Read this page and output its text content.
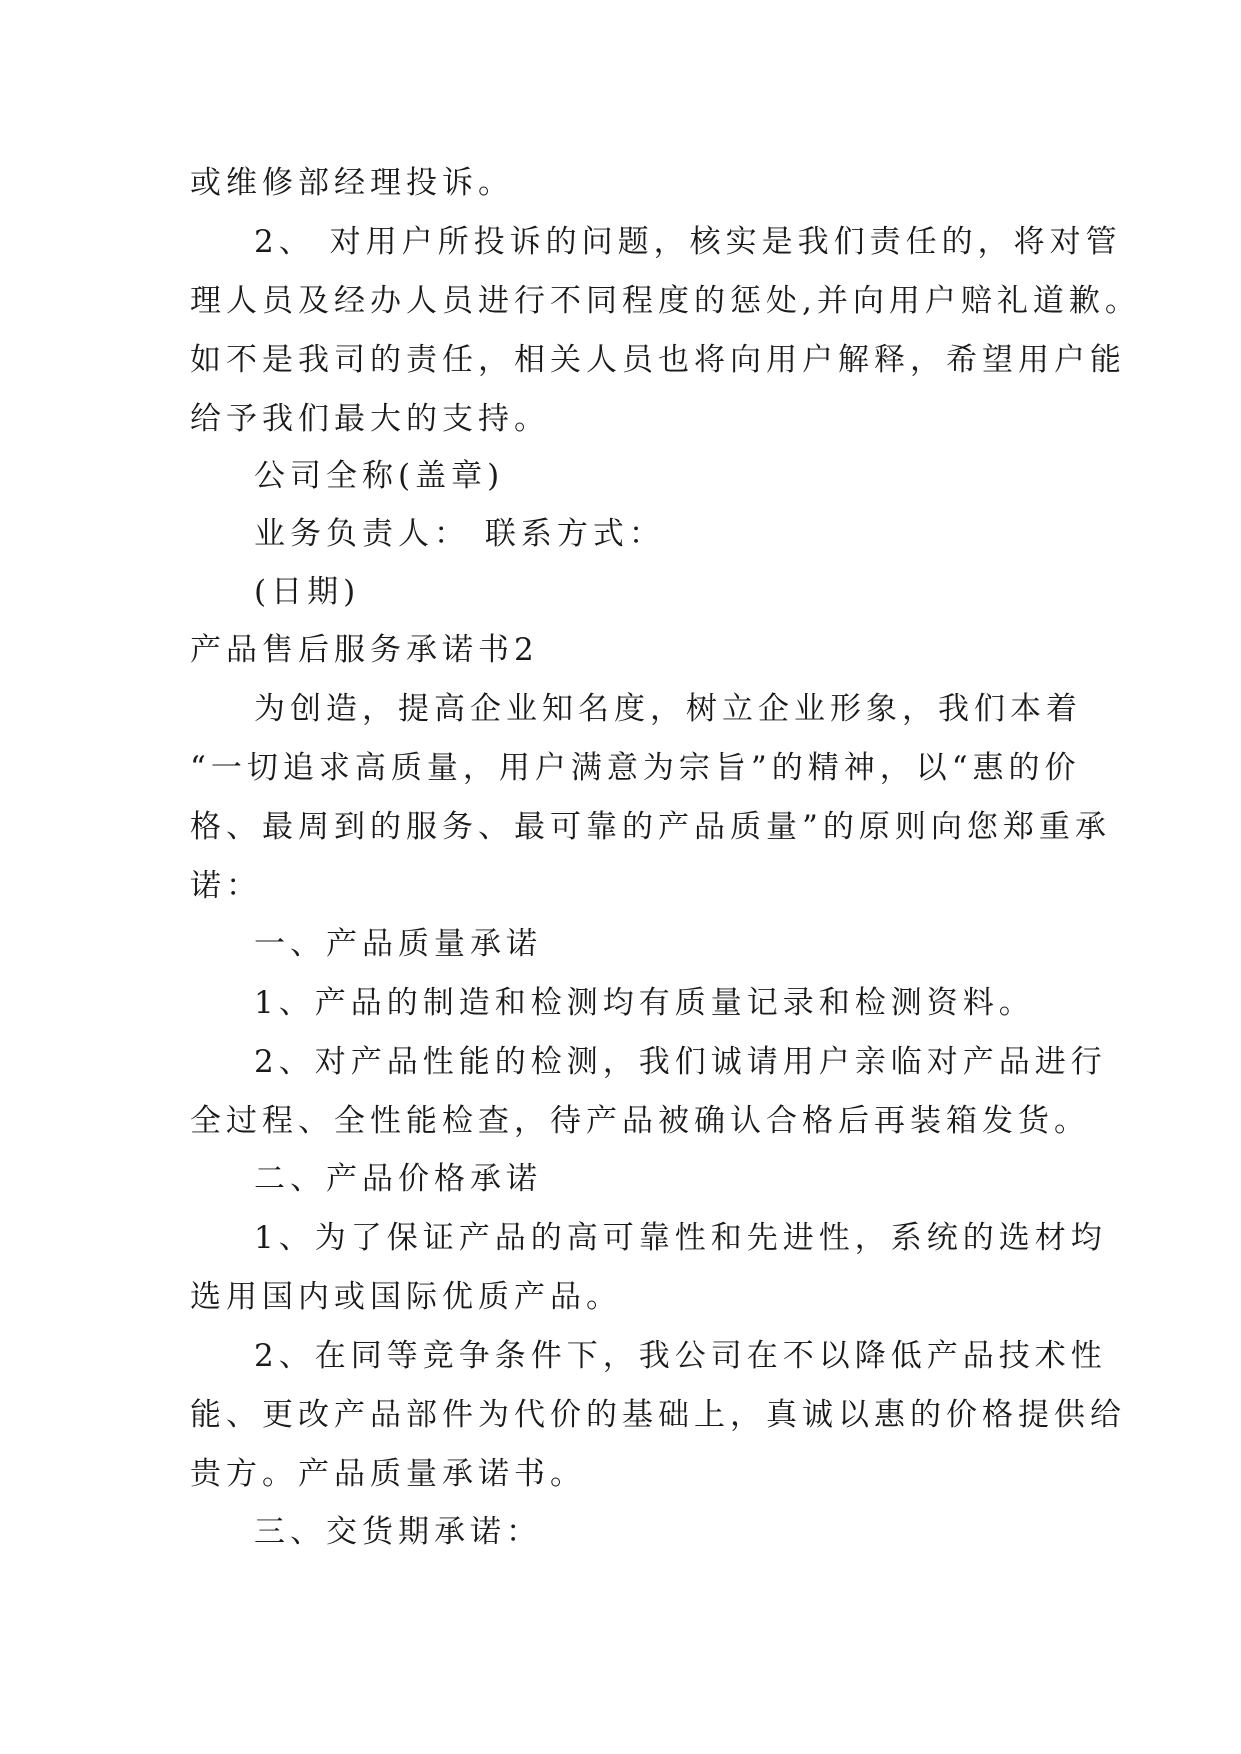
或维修部经理投诉。
2、 对用户所投诉的问题，核实是我们责任的，将对管
理人员及经办人员进行不同程度的惩处,并向用户赔礼道歉。
如不是我司的责任，相关人员也将向用户解释，希望用户能
给予我们最大的支持。
公司全称(盖章)
业务负责人： 联系方式：
(日期)
产品售后服务承诺书2
为创造，提高企业知名度，树立企业形象，我们本着
“一切追求高质量，用户满意为宗旨”的精神，以“惠的价
格、最周到的服务、最可靠的产品质量”的原则向您郑重承
诺：
一、产品质量承诺
1、产品的制造和检测均有质量记录和检测资料。
2、对产品性能的检测，我们诚请用户亲临对产品进行
全过程、全性能检查，待产品被确认合格后再装箱发货。
二、产品价格承诺
1、为了保证产品的高可靠性和先进性，系统的选材均
选用国内或国际优质产品。
2、在同等竞争条件下，我公司在不以降低产品技术性
能、更改产品部件为代价的基础上，真诚以惠的价格提供给
贵方。产品质量承诺书。
三、交货期承诺：
